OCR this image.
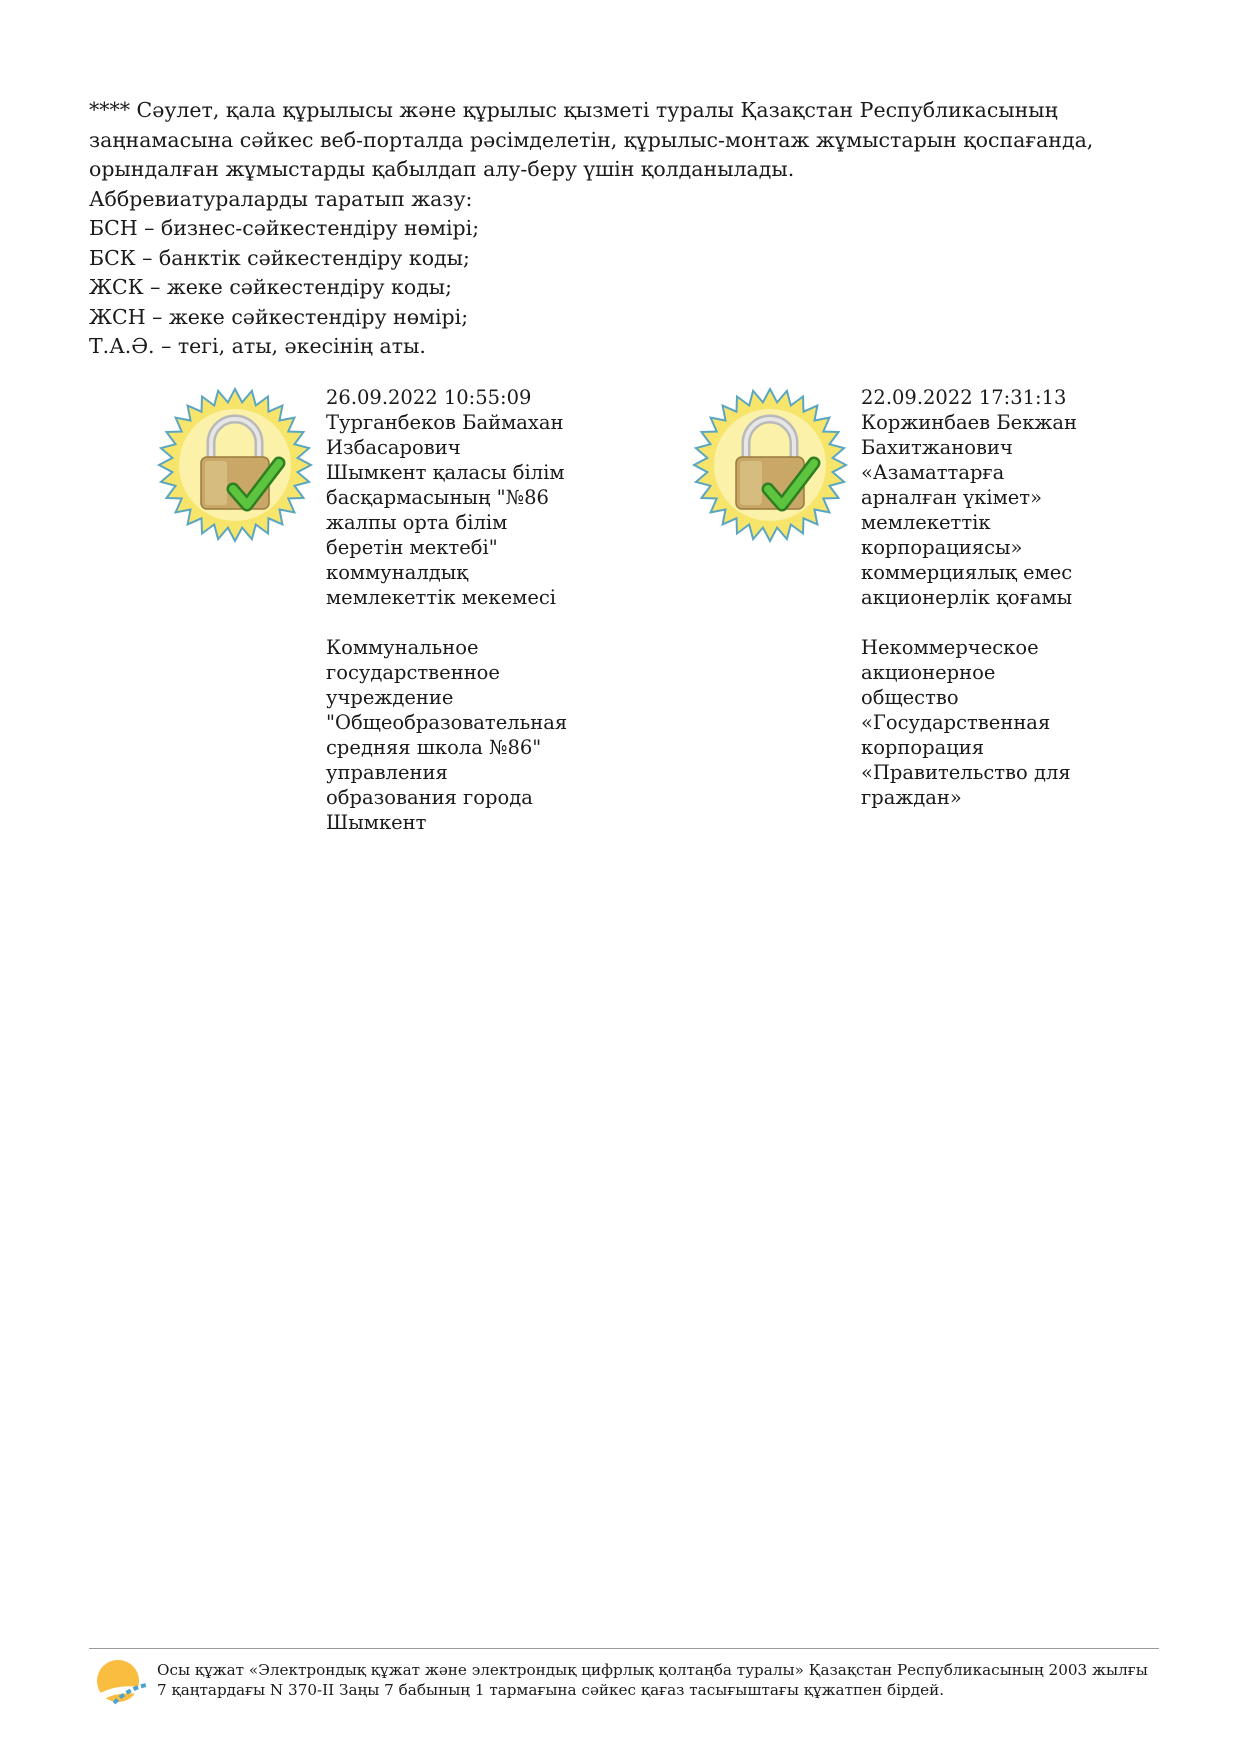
**** Сәулет, қала құрылысы және құрылыс қызметі туралы Қазақстан Республикасының заңнамасына сәйкес веб-порталда рәсімделетін, құрылыс-монтаж жұмыстарын қоспағанда, орындалған жұмыстарды қабылдап алу-беру үшін қолданылады.

Аббревиатураларды таратып жазу:

БСН – бизнес-сәйкестендіру нөмірі;

БСК – банктік сәйкестендіру коды;

ЖСК – жеке сәйкестендіру коды;

ЖСН – жеке сәйкестендіру нөмірі;

Т.А.Ә. – тегі, аты, әкесінің аты.

26.09.2022 10:55:09
Турганбеков Баймахан
Избасарович
Шымкент қаласы білім
басқармасының "№86
жалпы орта білім
беретін мектебі"
коммуналдық
мемлекеттік мекемесі
Коммунальное
государственное
учреждение
"Общеобразовательная
средняя школа №86"
управления
образования города
Шымкент
22.09.2022 17:31:13
Коржинбаев Бекжан
Бахитжанович
«Азаматтарға
арналған үкімет»
мемлекеттік
корпорациясы»
коммерциялық емес
акционерлік қоғамы
Некоммерческое
акционерное
общество
«Государственная
корпорация
«Правительство для
граждан»
Осы құжат «Электрондық құжат және электрондық цифрлық қолтаңба туралы» Қазақстан Республикасының 2003 жылғы 7 қаңтардағы N 370-II Заңы 7 бабының 1 тармағына сәйкес қағаз тасығыштағы құжатпен бірдей.
